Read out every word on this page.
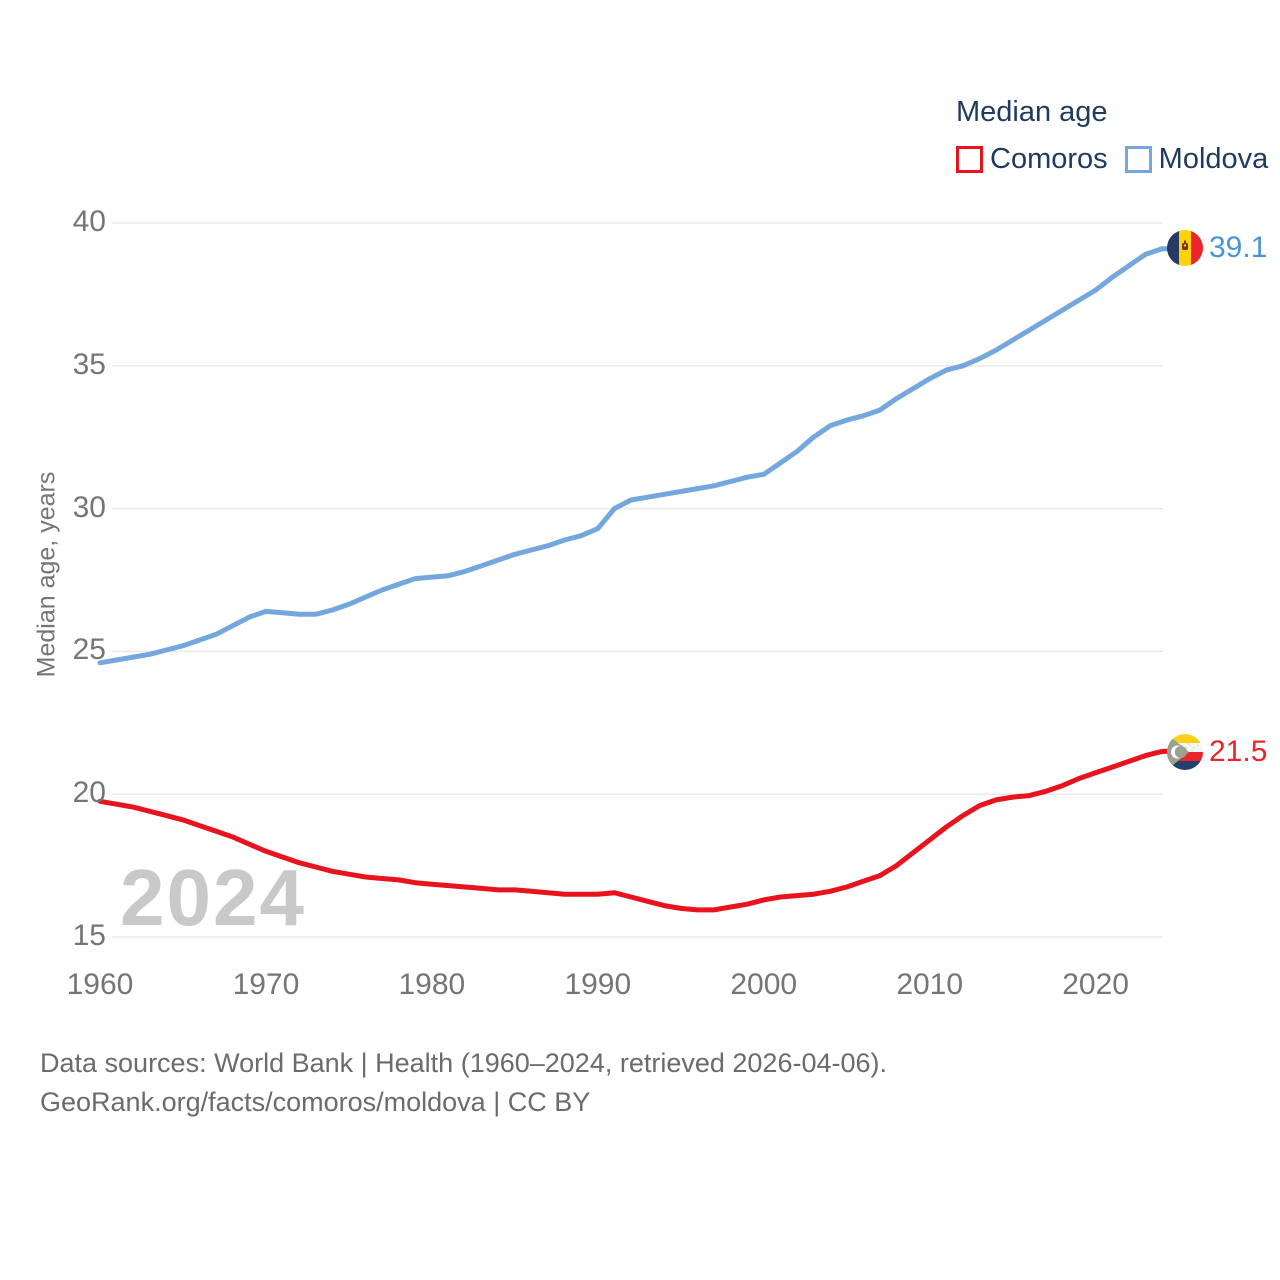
2024
Median age, years
40
35
30
25
20
15
1960	1970	1980	1990	2000	2010	2020
Median age
Comoros Moldova
39.1
21.5
Data sources: World Bank | Health (1960–2024, retrieved 2026-04-06).
GeoRank.org/facts/comoros/moldova | CC BY
